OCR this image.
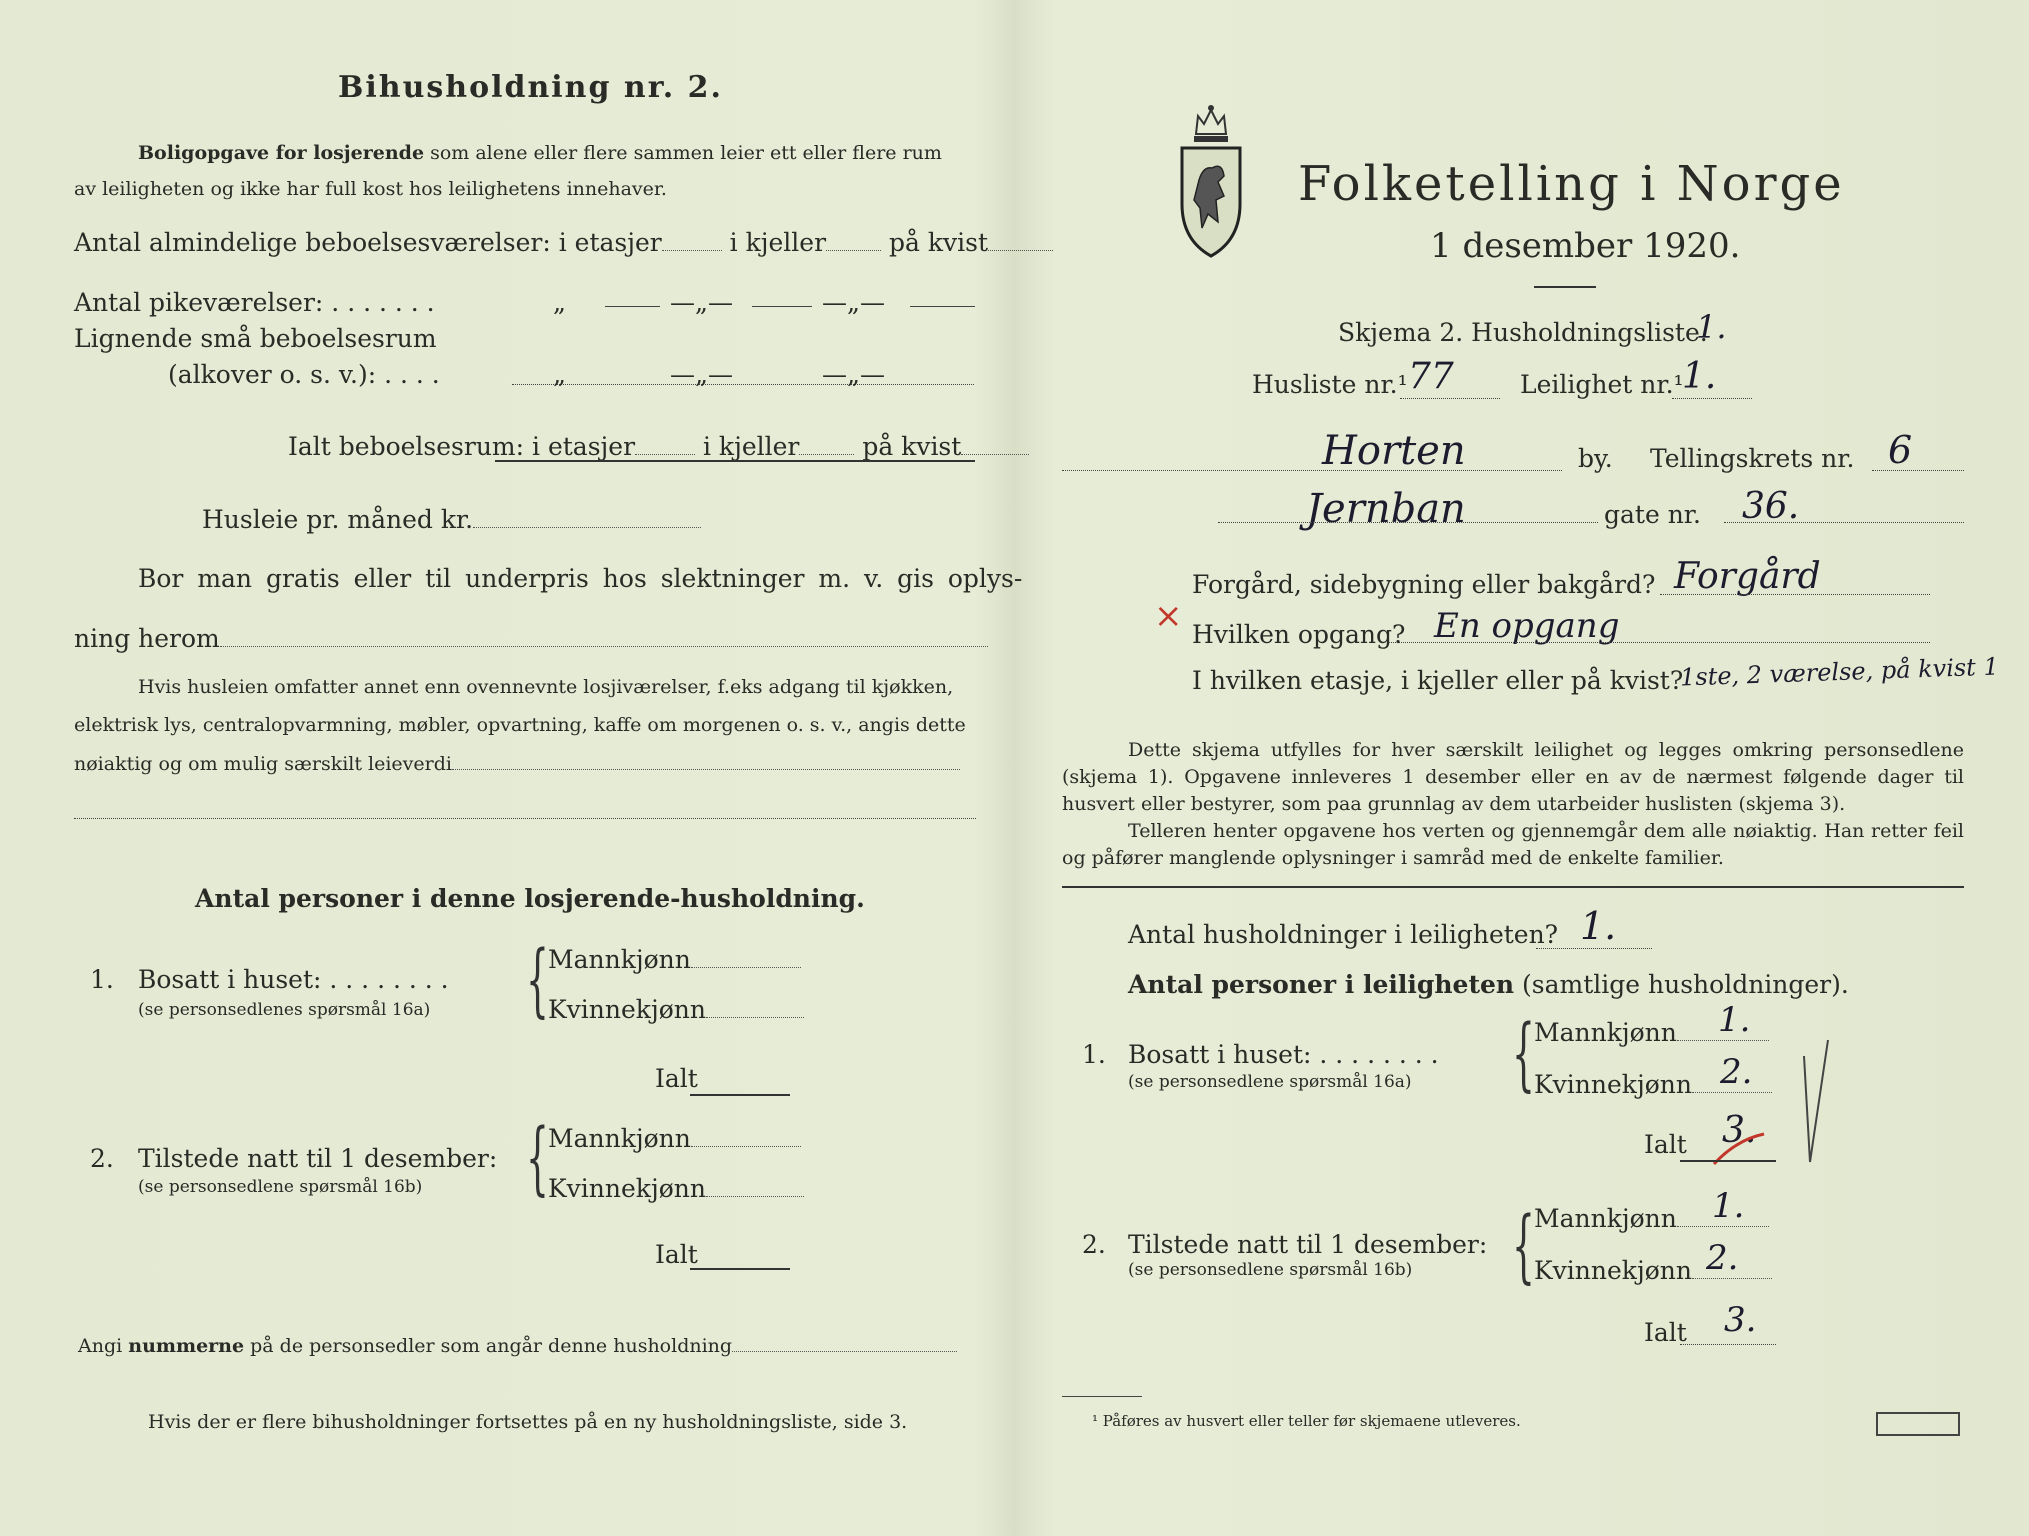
Bihusholdning nr. 2.
Boligopgave for losjerende som alene eller flere sammen leier ett eller flere rum
av leiligheten og ikke har full kost hos leilighetens innehaver.
Antal almindelige beboelsesværelser: i etasjer	i kjeller	på kvist
Antal pikeværelser: . . . . . . .	„	—„—	—„—
Lignende små beboelsesrum
(alkover o. s. v.): . . . .	„	—„—	—„—
Ialt beboelsesrum: i etasjer	i kjeller	på kvist
Husleie pr. måned kr.
Bor man gratis eller til underpris hos slektninger m. v. gis oplys-
ning herom
Hvis husleien omfatter annet enn ovennevnte losjiværelser, f.eks adgang til kjøkken,
elektrisk lys, centralopvarmning, møbler, opvartning, kaffe om morgenen o. s. v., angis dette
nøiaktig og om mulig særskilt leieverdi
Antal personer i denne losjerende-husholdning.
1. Bosatt i huset: . . . . . . . .
(se personsedlenes spørsmål 16a) { Mannkjønn
Kvinnekjønn
Ialt
2. Tilstede natt til 1 desember:
(se personsedlene spørsmål 16b) { Mannkjønn
Kvinnekjønn
Ialt
Angi nummerne på de personsedler som angår denne husholdning
Hvis der er flere bihusholdninger fortsettes på en ny husholdningsliste, side 3.
Folketelling i Norge
1 desember 1920.
Skjema 2. Husholdningsliste.
1.
Husliste nr.¹ 77	Leilighet nr.¹
1.
Horten	by. Tellingskrets nr. 6
Jernban	gate nr. 36.
Forgård, sidebygning eller bakgård? Forgård
× Hvilken opgang? En opgang
I hvilken etasje, i kjeller eller på kvist?
1ste, 2 værelse, på kvist 1
Dette skjema utfylles for hver særskilt leilighet og legges omkring personsedlene (skjema 1). Opgavene innleveres 1 desember eller en av de nærmest følgende dager til husvert eller bestyrer, som paa grunnlag av dem utarbeider huslisten (skjema 3).
Telleren henter opgavene hos verten og gjennemgår dem alle nøiaktig. Han retter feil og påfører manglende oplysninger i samråd med de enkelte familier.
Antal husholdninger i leiligheten? 1.
Antal personer i leiligheten (samtlige husholdninger).
1. Bosatt i huset: . . . . . . . .
(se personsedlene spørsmål 16a) { Mannkjønn	1.
Kvinnekjønn 2.
Ialt 3.
2. Tilstede natt til 1 desember:
(se personsedlene spørsmål 16b) { Mannkjønn	1.
Kvinnekjønn 2.
Ialt 3.
¹ Påføres av husvert eller teller før skjemaene utleveres.
